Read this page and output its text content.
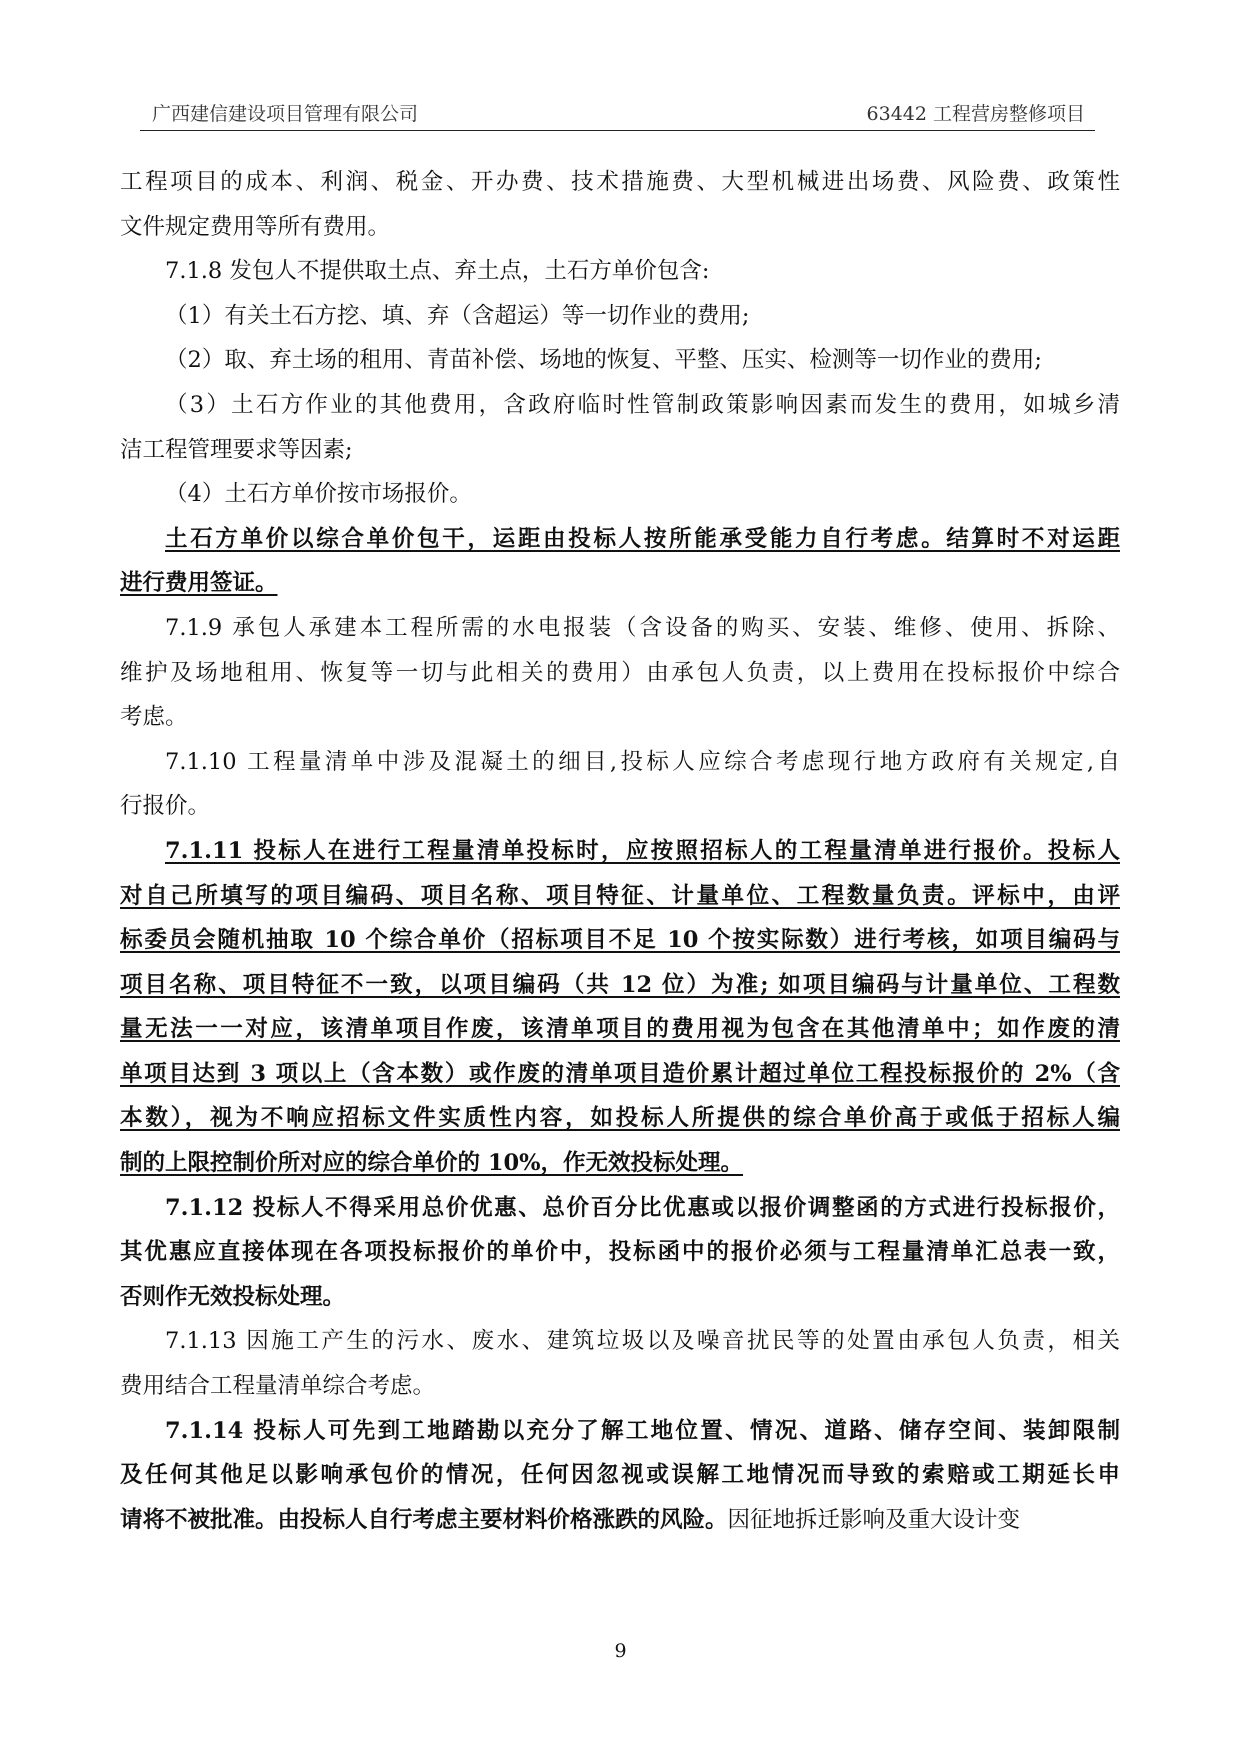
广西建信建设项目管理有限公司	63442 工程营房整修项目
工程项目的成本、利润、税金、开办费、技术措施费、大型机械进出场费、风险费、政策性
文件规定费用等所有费用。
7.1.8 发包人不提供取土点、弃土点，土石方单价包含:
（1）有关土石方挖、填、弃（含超运）等一切作业的费用;
（2）取、弃土场的租用、青苗补偿、场地的恢复、平整、压实、检测等一切作业的费用;
（3）土石方作业的其他费用，含政府临时性管制政策影响因素而发生的费用，如城乡清
洁工程管理要求等因素;
（4）土石方单价按市场报价。
土石方单价以综合单价包干，运距由投标人按所能承受能力自行考虑。结算时不对运距
进行费用签证。
7.1.9 承包人承建本工程所需的水电报装（含设备的购买、安装、维修、使用、拆除、
维护及场地租用、恢复等一切与此相关的费用）由承包人负责，以上费用在投标报价中综合
考虑。
7.1.10 工程量清单中涉及混凝土的细目,投标人应综合考虑现行地方政府有关规定,自
行报价。
7.1.11 投标人在进行工程量清单投标时，应按照招标人的工程量清单进行报价。投标人
对自己所填写的项目编码、项目名称、项目特征、计量单位、工程数量负责。评标中，由评
标委员会随机抽取 10 个综合单价（招标项目不足 10 个按实际数）进行考核，如项目编码与
项目名称、项目特征不一致，以项目编码（共 12 位）为准; 如项目编码与计量单位、工程数
量无法一一对应，该清单项目作废，该清单项目的费用视为包含在其他清单中；如作废的清
单项目达到 3 项以上（含本数）或作废的清单项目造价累计超过单位工程投标报价的 2%（含
本数），视为不响应招标文件实质性内容，如投标人所提供的综合单价高于或低于招标人编
制的上限控制价所对应的综合单价的 10%，作无效投标处理。
7.1.12 投标人不得采用总价优惠、总价百分比优惠或以报价调整函的方式进行投标报价，
其优惠应直接体现在各项投标报价的单价中，投标函中的报价必须与工程量清单汇总表一致，
否则作无效投标处理。
7.1.13 因施工产生的污水、废水、建筑垃圾以及噪音扰民等的处置由承包人负责，相关
费用结合工程量清单综合考虑。
7.1.14 投标人可先到工地踏勘以充分了解工地位置、情况、道路、储存空间、装卸限制
及任何其他足以影响承包价的情况，任何因忽视或误解工地情况而导致的索赔或工期延长申
请将不被批准。由投标人自行考虑主要材料价格涨跌的风险。因征地拆迁影响及重大设计变
9
